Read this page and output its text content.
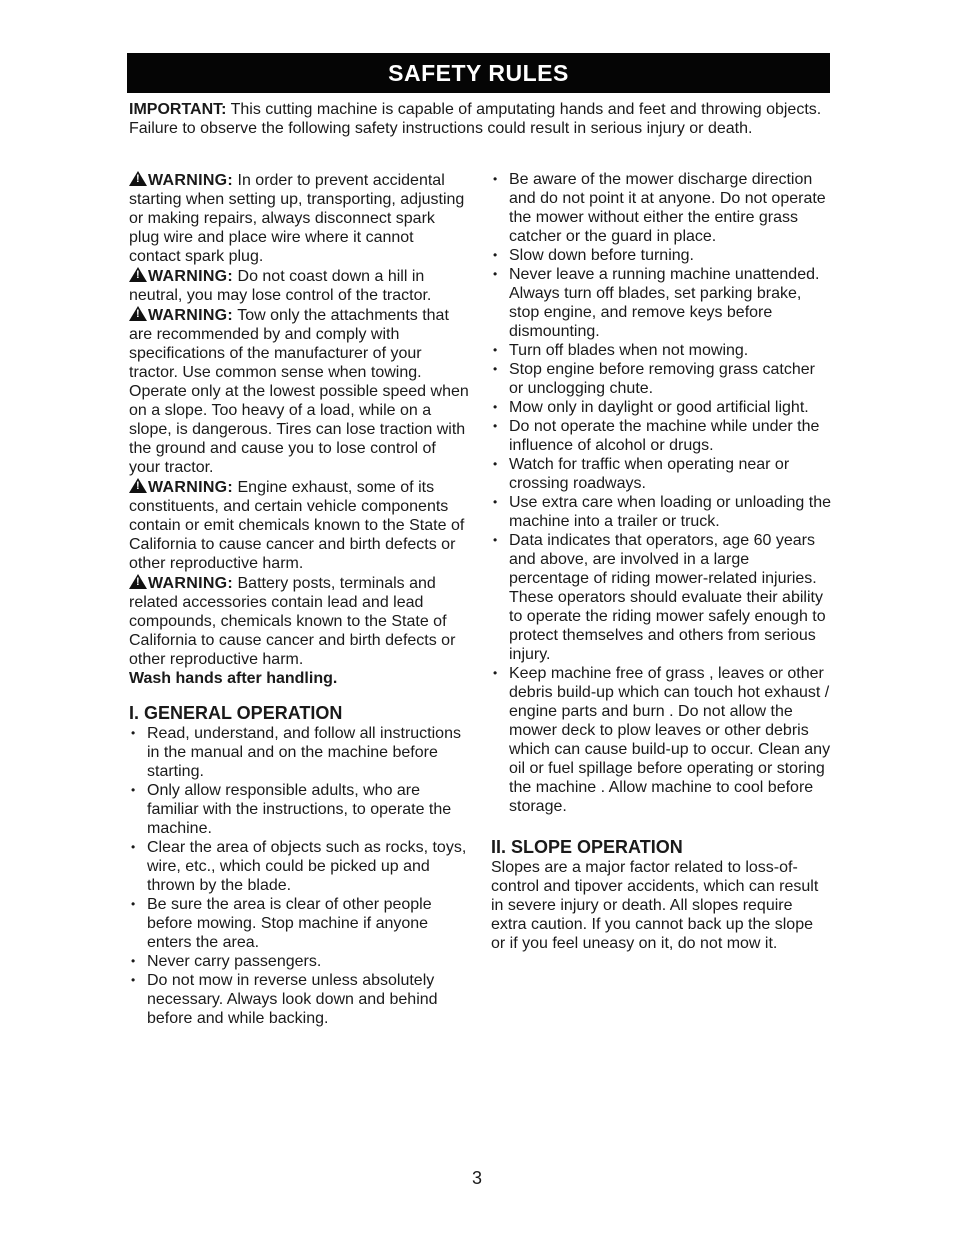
SAFETY RULES

IMPORTANT: This cutting machine is capable of amputating hands and feet and throwing objects. Failure to observe the following safety instructions could result in serious injury or death.

!WARNING: In order to prevent accidental starting when setting up, transporting, adjusting or making repairs, always disconnect spark plug wire and place wire where it cannot contact spark plug.

!WARNING: Do not coast down a hill in neutral, you may lose control of the tractor.

!WARNING: Tow only the attachments that are recommended by and comply with specifications of the manufacturer of your tractor. Use common sense when towing. Operate only at the lowest possible speed when on a slope. Too heavy of a load, while on a slope, is dangerous. Tires can lose traction with the ground and cause you to lose control of your tractor.

!WARNING: Engine exhaust, some of its constituents, and certain vehicle components contain or emit chemicals known to the State of California to cause cancer and birth defects or other reproductive harm.

!WARNING: Battery posts, terminals and related accessories contain lead and lead compounds, chemicals known to the State of California to cause cancer and birth defects or other reproductive harm.

Wash hands after handling.

I. GENERAL OPERATION
• Read, understand, and follow all instructions in the manual and on the machine before starting.
• Only allow responsible adults, who are familiar with the instructions, to operate the machine.
• Clear the area of objects such as rocks, toys, wire, etc., which could be picked up and thrown by the blade.
• Be sure the area is clear of other people before mowing. Stop machine if anyone enters the area.
• Never carry passengers.
• Do not mow in reverse unless absolutely necessary. Always look down and behind before and while backing.
• Be aware of the mower discharge direction and do not point it at anyone. Do not operate the mower without either the entire grass catcher or the guard in place.
• Slow down before turning.
• Never leave a running machine unattended. Always turn off blades, set parking brake, stop engine, and remove keys before dismounting.
• Turn off blades when not mowing.
• Stop engine before removing grass catcher or unclogging chute.
• Mow only in daylight or good artificial light.
• Do not operate the machine while under the influence of alcohol or drugs.
• Watch for traffic when operating near or crossing roadways.
• Use extra care when loading or unloading the machine into a trailer or truck.
• Data indicates that operators, age 60 years and above, are involved in a large percentage of riding mower-related injuries. These operators should evaluate their ability to operate the riding mower safely enough to protect themselves and others from serious injury.
• Keep machine free of grass , leaves or other debris build-up which can touch hot exhaust / engine parts and burn . Do not allow the mower deck to plow leaves or other debris which can cause build-up to occur. Clean any oil or fuel spillage before operating or storing the machine . Allow machine to cool before storage.
II. SLOPE OPERATION

Slopes are a major factor related to loss-of-control and tipover accidents, which can result in severe injury or death. All slopes require extra caution. If you cannot back up the slope or if you feel uneasy on it, do not mow it.

3
